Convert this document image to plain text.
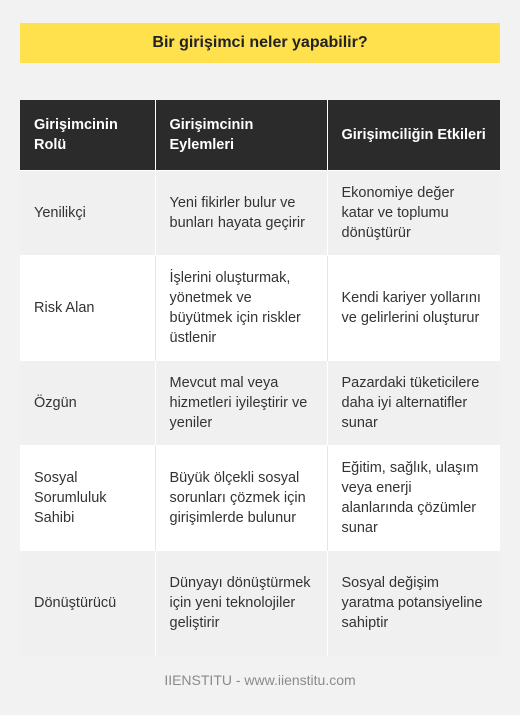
Bir girişimci neler yapabilir?
Girişimcinin Rolü	Girişimcinin Eylemleri	Girişimciliğin Etkileri
Yenilikçi	Yeni fikirler bulur ve bunları hayata geçirir	Ekonomiye değer katar ve toplumu dönüştürür
Risk Alan	İşlerini oluşturmak, yönetmek ve büyütmek için riskler üstlenir	Kendi kariyer yollarını ve gelirlerini oluşturur
Özgün	Mevcut mal veya hizmetleri iyileştirir ve yeniler	Pazardaki tüketicilere daha iyi alternatifler sunar
Sosyal Sorumluluk Sahibi	Büyük ölçekli sosyal sorunları çözmek için girişimlerde bulunur	Eğitim, sağlık, ulaşım veya enerji alanlarında çözümler sunar
Dönüştürücü	Dünyayı dönüştürmek için yeni teknolojiler geliştirir	Sosyal değişim yaratma potansiyeline sahiptir
IIENSTITU - www.iienstitu.com
